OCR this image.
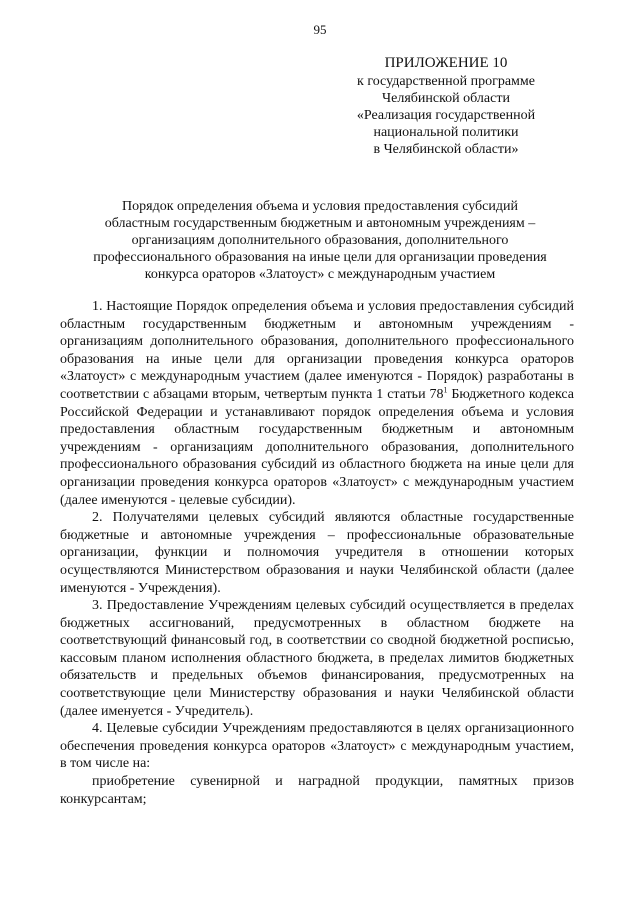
95
ПРИЛОЖЕНИЕ 10
к государственной программе
Челябинской области
«Реализация государственной
национальной политики
в Челябинской области»
Порядок определения объема и условия предоставления субсидий
областным государственным бюджетным и автономным учреждениям –
организациям дополнительного образования, дополнительного
профессионального образования на иные цели для организации проведения
конкурса ораторов «Златоуст» с международным участием

1. Настоящие Порядок определения объема и условия предоставления субсидий областным государственным бюджетным и автономным учреждениям - организациям дополнительного образования, дополнительного профессионального образования на иные цели для организации проведения конкурса ораторов «Златоуст» с международным участием (далее именуются - Порядок) разработаны в соответствии с абзацами вторым, четвертым пункта 1 статьи $78^1$ Бюджетного кодекса Российской Федерации и устанавливают порядок определения объема и условия предоставления областным государственным бюджетным и автономным учреждениям - организациям дополнительного образования, дополнительного профессионального образования субсидий из областного бюджета на иные цели для организации проведения конкурса ораторов «Златоуст» с международным участием (далее именуются - целевые субсидии).

2. Получателями целевых субсидий являются областные государственные бюджетные и автономные учреждения – профессиональные образовательные организации, функции и полномочия учредителя в отношении которых осуществляются Министерством образования и науки Челябинской области (далее именуются - Учреждения).

3. Предоставление Учреждениям целевых субсидий осуществляется в пределах бюджетных ассигнований, предусмотренных в областном бюджете на соответствующий финансовый год, в соответствии со сводной бюджетной росписью, кассовым планом исполнения областного бюджета, в пределах лимитов бюджетных обязательств и предельных объемов финансирования, предусмотренных на соответствующие цели Министерству образования и науки Челябинской области (далее именуется - Учредитель).

4. Целевые субсидии Учреждениям предоставляются в целях организационного обеспечения проведения конкурса ораторов «Златоуст» с международным участием, в том числе на:

приобретение сувенирной и наградной продукции, памятных призов конкурсантам;
